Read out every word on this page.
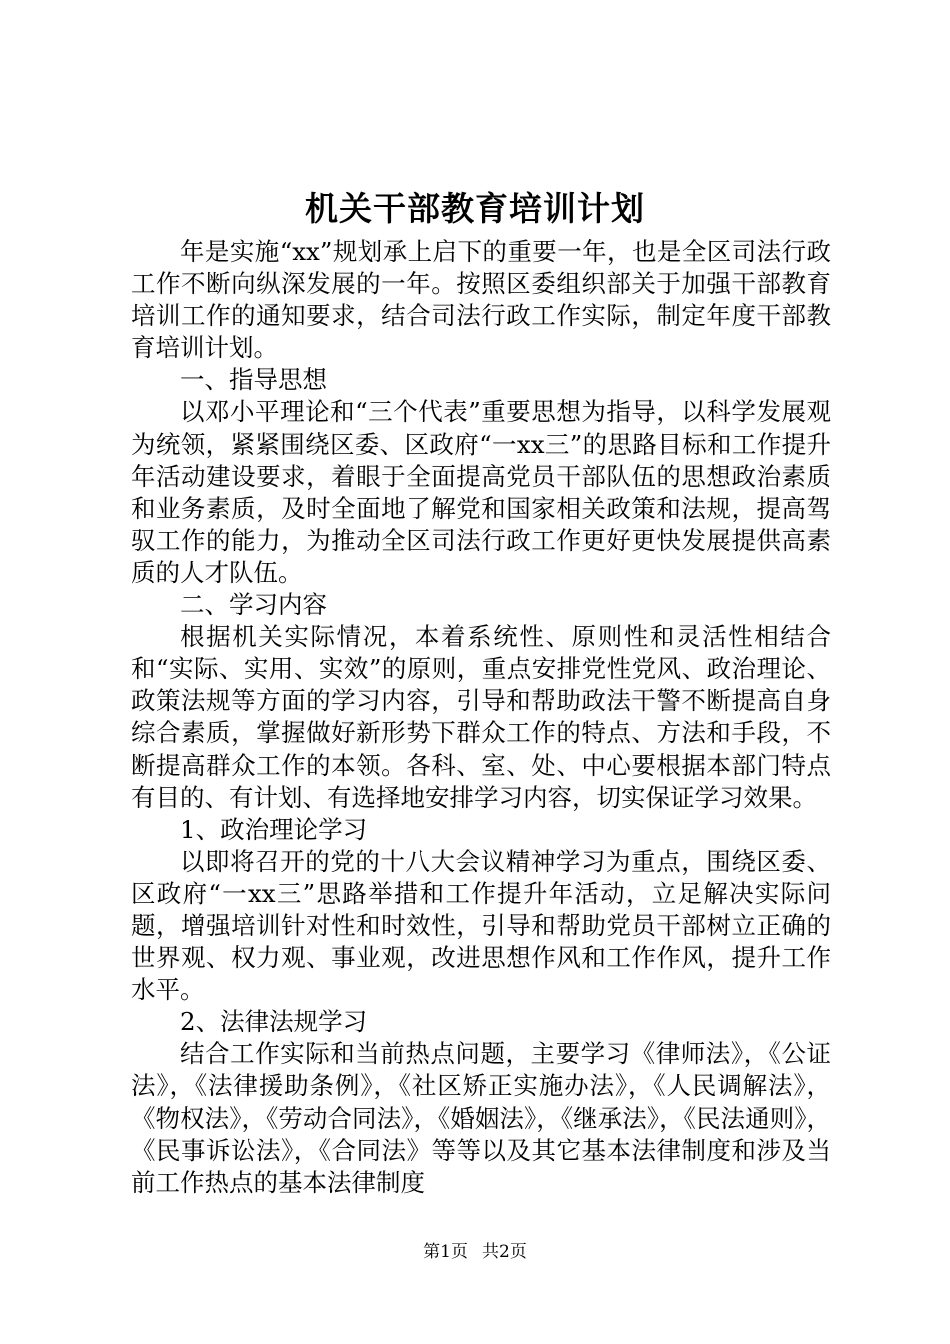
机关干部教育培训计划

年是实施“xx”规划承上启下的重要一年，也是全区司法行政工作不断向纵深发展的一年。按照区委组织部关于加强干部教育培训工作的通知要求，结合司法行政工作实际，制定年度干部教育培训计划。

一、指导思想

以邓小平理论和“三个代表”重要思想为指导，以科学发展观为统领，紧紧围绕区委、区政府“一xx三”的思路目标和工作提升年活动建设要求，着眼于全面提高党员干部队伍的思想政治素质和业务素质，及时全面地了解党和国家相关政策和法规，提高驾驭工作的能力，为推动全区司法行政工作更好更快发展提供高素质的人才队伍。

二、学习内容

根据机关实际情况，本着系统性、原则性和灵活性相结合和“实际、实用、实效”的原则，重点安排党性党风、政治理论、政策法规等方面的学习内容，引导和帮助政法干警不断提高自身综合素质，掌握做好新形势下群众工作的特点、方法和手段，不断提高群众工作的本领。各科、室、处、中心要根据本部门特点有目的、有计划、有选择地安排学习内容，切实保证学习效果。

1、政治理论学习

以即将召开的党的十八大会议精神学习为重点，围绕区委、区政府“一xx三”思路举措和工作提升年活动，立足解决实际问题，增强培训针对性和时效性，引导和帮助党员干部树立正确的世界观、权力观、事业观，改进思想作风和工作作风，提升工作水平。

2、法律法规学习

结合工作实际和当前热点问题，主要学习《律师法》，《公证法》，《法律援助条例》，《社区矫正实施办法》，《人民调解法》，《物权法》，《劳动合同法》，《婚姻法》，《继承法》，《民法通则》，《民事诉讼法》，《合同法》等等以及其它基本法律制度和涉及当前工作热点的基本法律制度

第1页 共2页
